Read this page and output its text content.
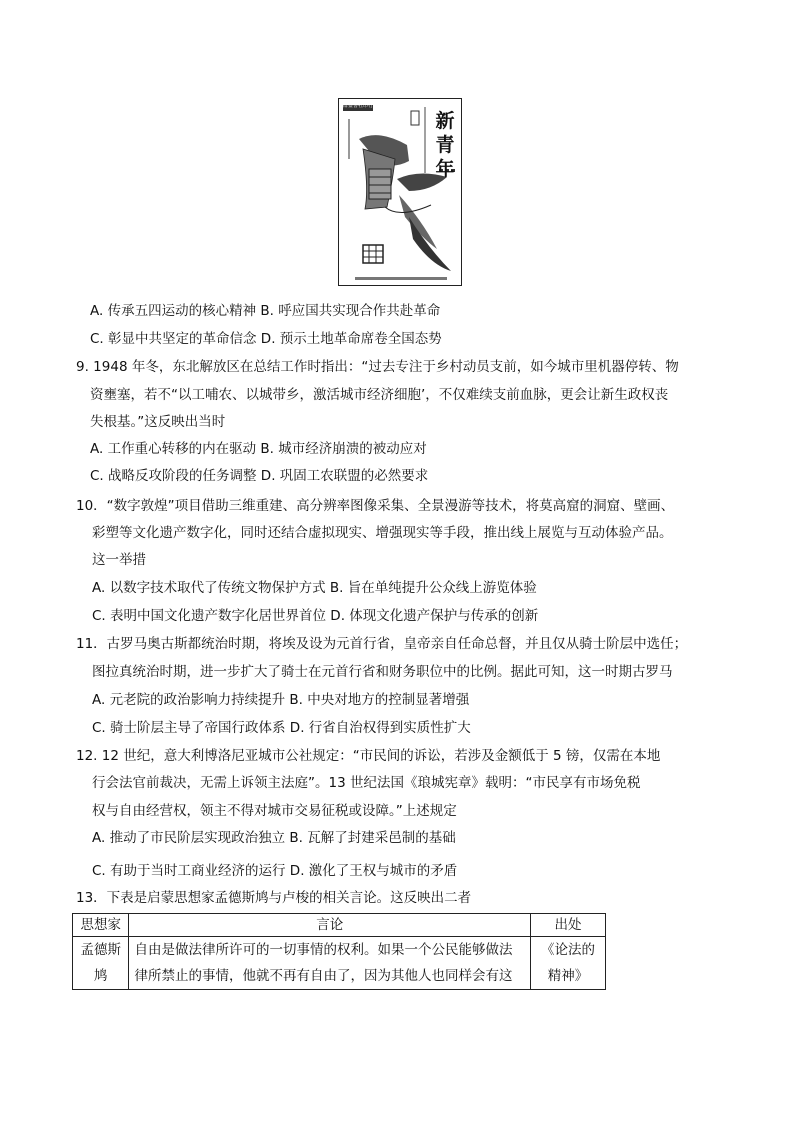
新
青
年
群益書社印行
A. 传承五四运动的核心精神 B. 呼应国共实现合作共赴革命
C. 彰显中共坚定的革命信念 D. 预示土地革命席卷全国态势
9. 1948 年冬，东北解放区在总结工作时指出：“过去专注于乡村动员支前，如今城市里机器停转、物
资壅塞，若不“以工哺农、以城带乡，激活城市经济细胞’，不仅难续支前血脉，更会让新生政权丧
失根基。”这反映出当时
A. 工作重心转移的内在驱动 B. 城市经济崩溃的被动应对
C. 战略反攻阶段的任务调整 D. 巩固工农联盟的必然要求
10．“数字敦煌”项目借助三维重建、高分辨率图像采集、全景漫游等技术，将莫高窟的洞窟、壁画、
彩塑等文化遗产数字化，同时还结合虚拟现实、增强现实等手段，推出线上展览与互动体验产品。
这一举措
A. 以数字技术取代了传统文物保护方式 B. 旨在单纯提升公众线上游览体验
C. 表明中国文化遗产数字化居世界首位 D. 体现文化遗产保护与传承的创新
11．古罗马奥古斯都统治时期，将埃及设为元首行省，皇帝亲自任命总督，并且仅从骑士阶层中选任；
图拉真统治时期，进一步扩大了骑士在元首行省和财务职位中的比例。据此可知，这一时期古罗马
A. 元老院的政治影响力持续提升 B. 中央对地方的控制显著增强
C. 骑士阶层主导了帝国行政体系 D. 行省自治权得到实质性扩大
12. 12 世纪，意大利博洛尼亚城市公社规定：“市民间的诉讼，若涉及金额低于 5 镑，仅需在本地
行会法官前裁决，无需上诉领主法庭”。13 世纪法国《琅城宪章》载明：“市民享有市场免税
权与自由经营权，领主不得对城市交易征税或设障。”上述规定
A. 推动了市民阶层实现政治独立 B. 瓦解了封建采邑制的基础
C. 有助于当时工商业经济的运行 D. 激化了王权与城市的矛盾
13．下表是启蒙思想家孟德斯鸠与卢梭的相关言论。这反映出二者
思想家	言论	出处
孟德斯鸠	自由是做法律所许可的一切事情的权利。如果一个公民能够做法律所禁止的事情，他就不再有自由了，因为其他人也同样会有这	《论法的精神》
